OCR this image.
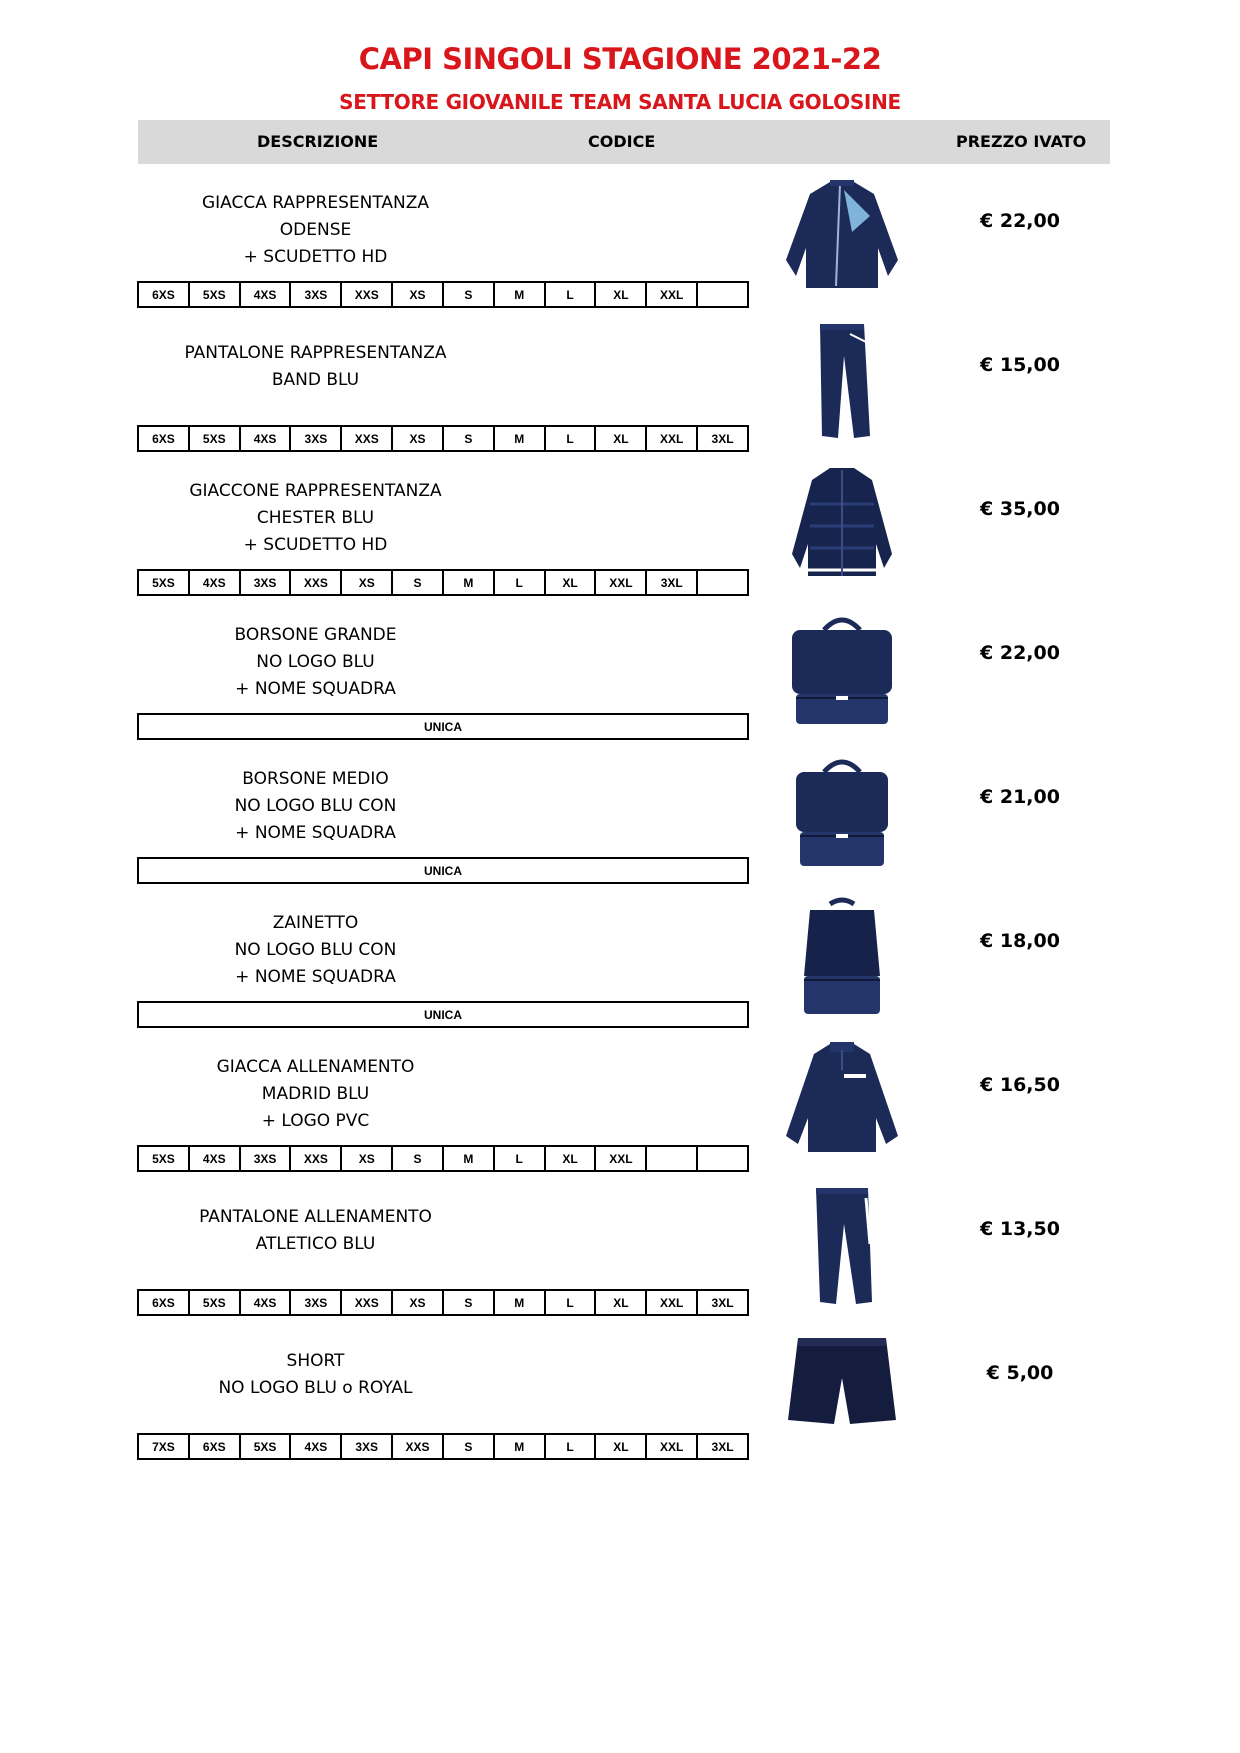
CAPI SINGOLI STAGIONE 2021-22
SETTORE GIOVANILE TEAM SANTA LUCIA GOLOSINE
DESCRIZIONE	CODICE	PREZZO IVATO
GIACCA RAPPRESENTANZA
ODENSE
+ SCUDETTO HD
€ 22,00
6XS	5XS	4XS	3XS	XXS	XS	S	M	L	XL	XXL
PANTALONE RAPPRESENTANZA
BAND BLU
€ 15,00
6XS	5XS	4XS	3XS	XXS	XS	S	M	L	XL	XXL	3XL
GIACCONE RAPPRESENTANZA
CHESTER BLU
+ SCUDETTO HD
€ 35,00
5XS	4XS	3XS	XXS	XS	S	M	L	XL	XXL	3XL
BORSONE GRANDE
NO LOGO BLU
+ NOME SQUADRA
€ 22,00
UNICA
BORSONE MEDIO
NO LOGO BLU CON
+ NOME SQUADRA
€ 21,00
UNICA
ZAINETTO
NO LOGO BLU CON
+ NOME SQUADRA
€ 18,00
UNICA
GIACCA ALLENAMENTO
MADRID BLU
+ LOGO PVC
€ 16,50
5XS	4XS	3XS	XXS	XS	S	M	L	XL	XXL
PANTALONE ALLENAMENTO
ATLETICO BLU
€ 13,50
6XS	5XS	4XS	3XS	XXS	XS	S	M	L	XL	XXL	3XL
SHORT
NO LOGO BLU o ROYAL
€ 5,00
7XS	6XS	5XS	4XS	3XS	XXS	S	M	L	XL	XXL	3XL
